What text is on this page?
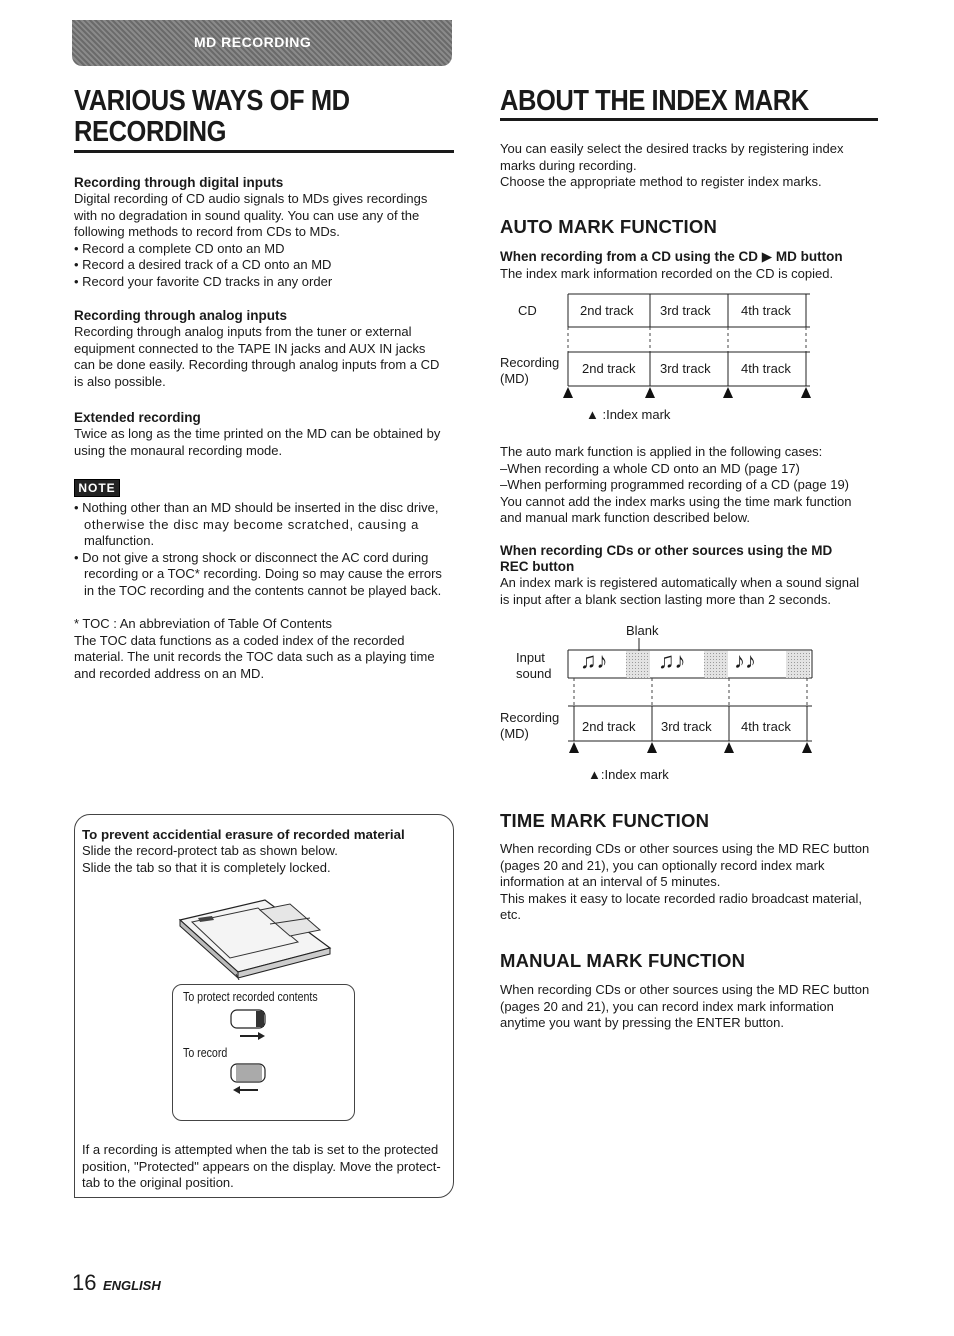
MD RECORDING
VARIOUS WAYS OF MD
RECORDING
Recording through digital inputs

Digital recording of CD audio signals to MDs gives recordings

with no degradation in sound quality. You can use any of the

following methods to record from CDs to MDs.

• Record a complete CD onto an MD

• Record a desired track of a CD onto an MD

• Record your favorite CD tracks in any order

Recording through analog inputs

Recording through analog inputs from the tuner or external

equipment connected to the TAPE IN jacks and AUX IN jacks

can be done easily. Recording through analog inputs from a CD

is also possible.

Extended recording

Twice as long as the time printed on the MD can be obtained by

using the monaural recording mode.

NOTE

• Nothing other than an MD should be inserted in the disc drive,

otherwise the disc may become scratched, causing a

malfunction.

• Do not give a strong shock or disconnect the AC cord during

recording or a TOC* recording. Doing so may cause the errors

in the TOC recording and the contents cannot be played back.

* TOC : An abbreviation of Table Of Contents

The TOC data functions as a coded index of the recorded

material. The unit records the TOC data such as a playing time

and recorded address on an MD.

To prevent accidential erasure of recorded material

Slide the record-protect tab as shown below.

Slide the tab so that it is completely locked.

To protect recorded contents
To record

If a recording is attempted when the tab is set to the protected

position, "Protected" appears on the display. Move the protect-

tab to the original position.

16 ENGLISH
ABOUT THE INDEX MARK

You can easily select the desired tracks by registering index

marks during recording.

Choose the appropriate method to register index marks.

AUTO MARK FUNCTION
When recording from a CD using the CD ▶ MD button

The index mark information recorded on the CD is copied.

CD
Recording
(MD)
2nd track 3rd track 4th track
2nd track 3rd track 4th track
▲ :Index mark

The auto mark function is applied in the following cases:

–When recording a whole CD onto an MD (page 17)

–When performing programmed recording of a CD (page 19)

You cannot add the index marks using the time mark function

and manual mark function described below.

When recording CDs or other sources using the MD
REC button

An index mark is registered automatically when a sound signal

is input after a blank section lasting more than 2 seconds.

Blank
Input
sound
♫♪ ♫♪ ♪♪
Recording
(MD)	2nd track 3rd track 4th track
▲:Index mark
TIME MARK FUNCTION

When recording CDs or other sources using the MD REC button

(pages 20 and 21), you can optionally record index mark

information at an interval of 5 minutes.

This makes it easy to locate recorded radio broadcast material,

etc.

MANUAL MARK FUNCTION

When recording CDs or other sources using the MD REC button

(pages 20 and 21), you can record index mark information

anytime you want by pressing the ENTER button.
